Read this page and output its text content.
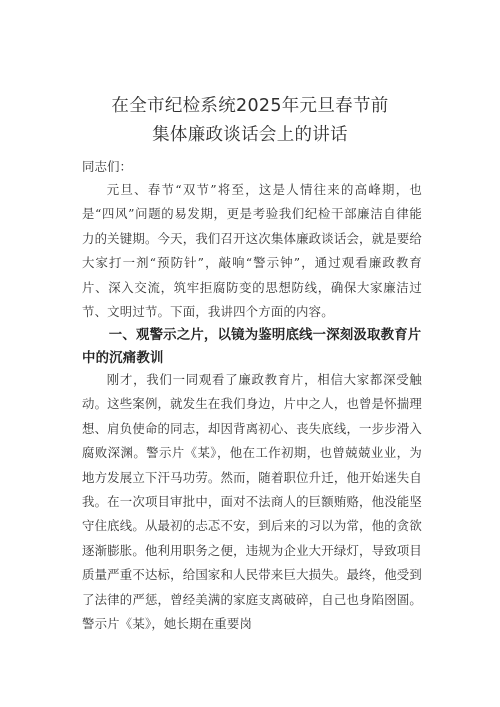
在全市纪检系统2025年元旦春节前
集体廉政谈话会上的讲话
同志们：
元旦、春节“双节”将至，这是人情往来的高峰期，也是“四风”问题的易发期，更是考验我们纪检干部廉洁自律能力的关键期。今天，我们召开这次集体廉政谈话会，就是要给大家打一剂“预防针”，敲响“警示钟”，通过观看廉政教育片、深入交流，筑牢拒腐防变的思想防线，确保大家廉洁过节、文明过节。下面，我讲四个方面的内容。
一、观警示之片，以镜为鉴明底线一深刻汲取教育片中的沉痛教训
刚才，我们一同观看了廉政教育片，相信大家都深受触动。这些案例，就发生在我们身边，片中之人，也曾是怀揣理想、肩负使命的同志，却因背离初心、丧失底线，一步步滑入腐败深渊。警示片《某》，他在工作初期，也曾兢兢业业，为地方发展立下汗马功劳。然而，随着职位升迁，他开始迷失自我。在一次项目审批中，面对不法商人的巨额贿赂，他没能坚守住底线。从最初的忐忑不安，到后来的习以为常，他的贪欲逐渐膨胀。他利用职务之便，违规为企业大开绿灯，导致项目质量严重不达标，给国家和人民带来巨大损失。最终，他受到了法律的严惩，曾经美满的家庭支离破碎，自己也身陷囹圄。警示片《某》，她长期在重要岗
